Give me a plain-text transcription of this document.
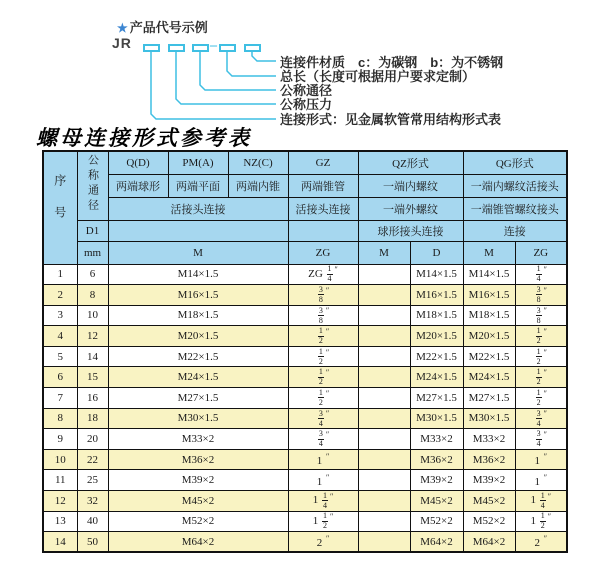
★ 产品代号示例
JR	–
连接件材质　c：为碳钢　b：为不锈钢
总长（长度可根据用户要求定制）
公称通径
公称压力
连接形式：见金属软管常用结构形式表
螺母连接形式参考表
序号	公称通径	Q(D)	PM(A)	NZ(C)	GZ	QZ形式		QG形式	
		两端球形	两端平面	两端内锥	两端锥管	一端内螺纹		一端内螺纹活接头	
		活接头连接			活接头连接	一端外螺纹		一端锥管螺纹接头	
	D1					球形接头连接		连接	
	mm	M			ZG	M	D	M	ZG
1	6	M14×1.5			ZG $\frac{1}{4} ''$		M14×1.5	M14×1.5	$\frac{1}{4} ''$
2	8	M16×1.5			$\frac{3}{8} ''$		M16×1.5	M16×1.5	$\frac{3}{8} ''$
3	10	M18×1.5			$\frac{3}{8} ''$		M18×1.5	M18×1.5	$\frac{3}{8} ''$
4	12	M20×1.5			$\frac{1}{2} ''$		M20×1.5	M20×1.5	$\frac{1}{2} ''$
5	14	M22×1.5			$\frac{1}{2} ''$		M22×1.5	M22×1.5	$\frac{1}{2} ''$
6	15	M24×1.5			$\frac{1}{2} ''$		M24×1.5	M24×1.5	$\frac{1}{2} ''$
7	16	M27×1.5			$\frac{1}{2} ''$		M27×1.5	M27×1.5	$\frac{1}{2} ''$
8	18	M30×1.5			$\frac{3}{4} ''$		M30×1.5	M30×1.5	$\frac{3}{4} ''$
9	20	M33×2			$\frac{3}{4} ''$		M33×2	M33×2	$\frac{3}{4} ''$
10	22	M36×2			1 ″		M36×2	M36×2	1 ″
11	25	M39×2			1 ″		M39×2	M39×2	1 ″
12	32	M45×2			$1 \frac{1}{4} ''$		M45×2	M45×2	$1 \frac{1}{4} ''$
13	40	M52×2			$1 \frac{1}{2} ''$		M52×2	M52×2	$1 \frac{1}{2} ''$
14	50	M64×2			2 ″		M64×2	M64×2	2 ″
